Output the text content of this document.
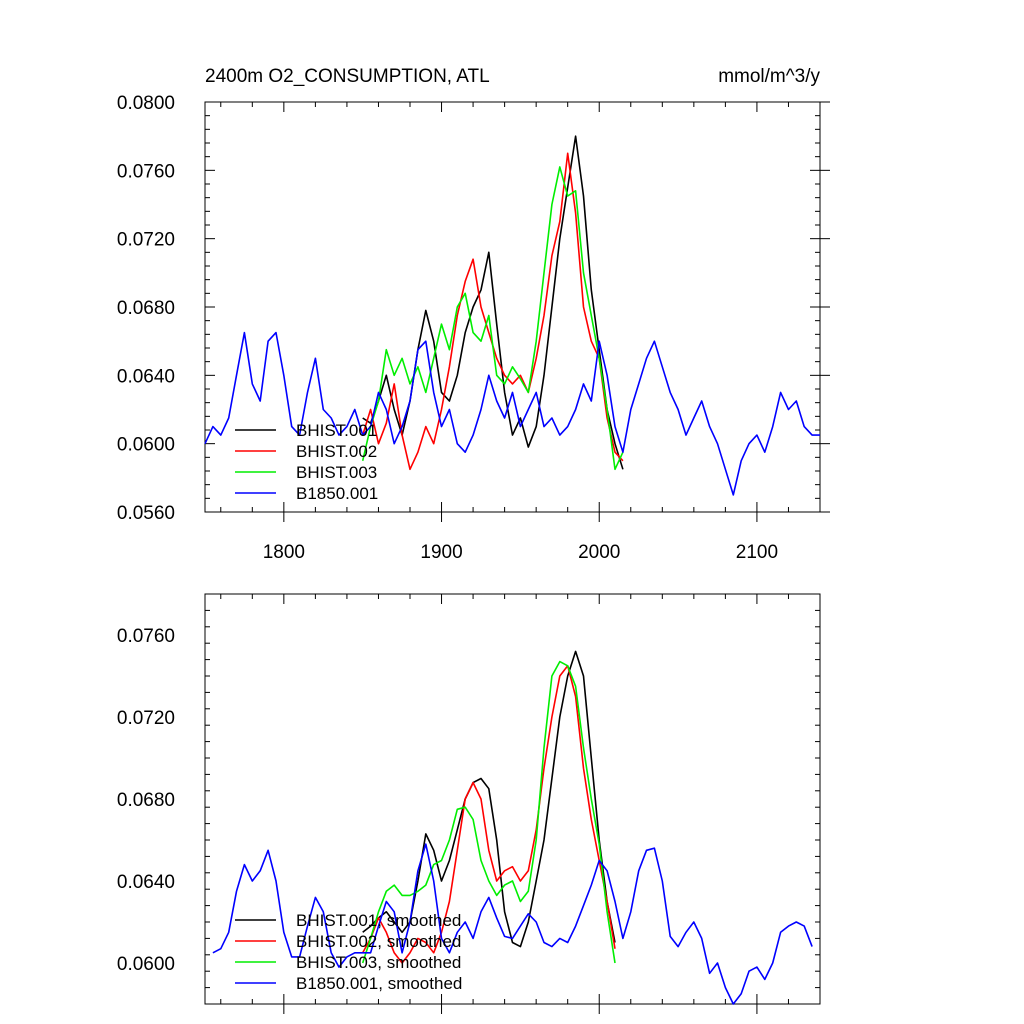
1800	1900	2000	2100
0.0560
0.0600
0.0640
0.0680
0.0720
0.0760
0.0800
2400m O2_CONSUMPTION, ATL	mmol/m^3/y
BHIST.001
BHIST.002
BHIST.003
B1850.001
0.0600
0.0640
0.0680
0.0720
0.0760
BHIST.001, smoothed
BHIST.002, smoothed
BHIST.003, smoothed
B1850.001, smoothed
